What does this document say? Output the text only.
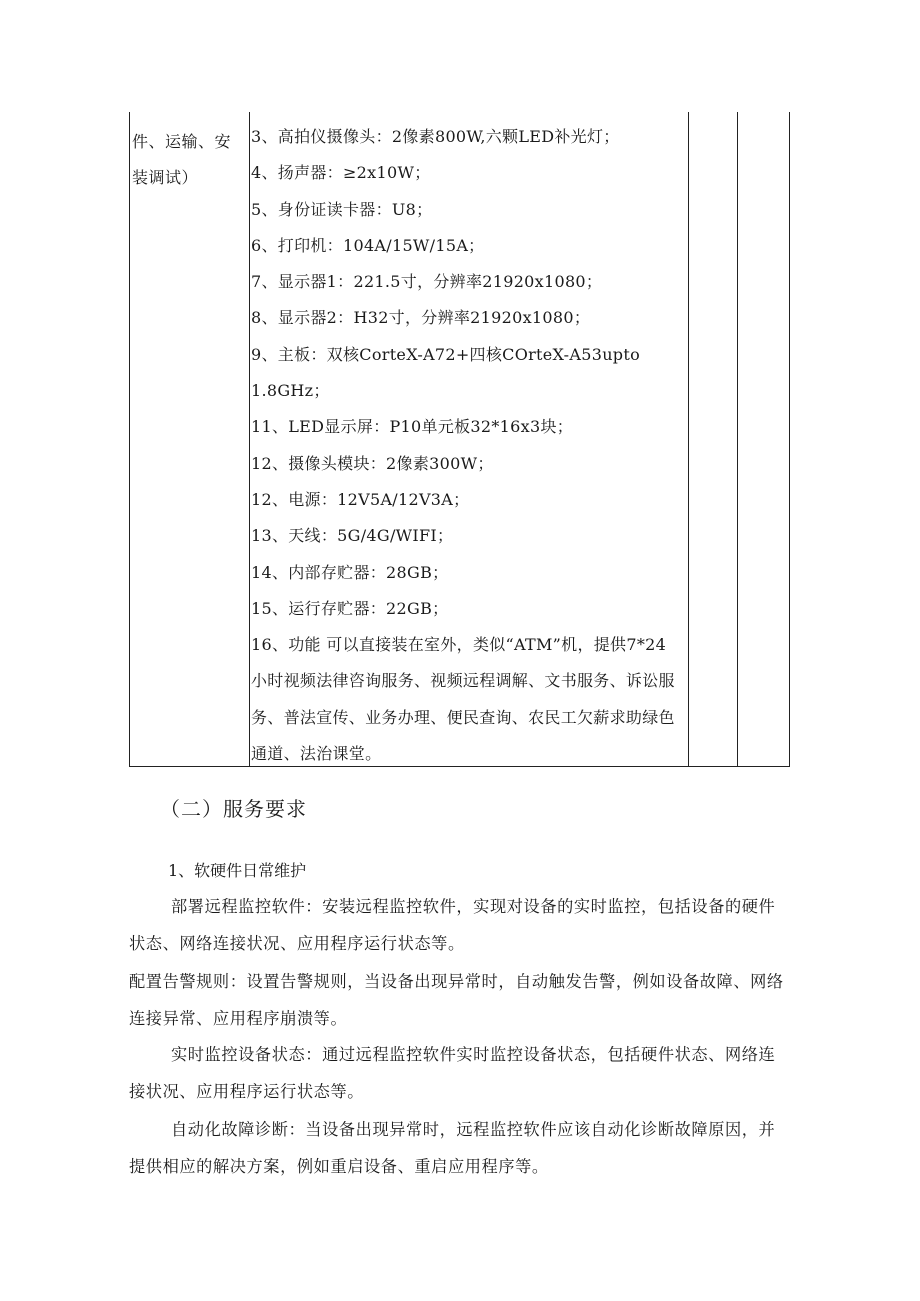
件、运输、安
装调试）
3、高拍仪摄像头：2像素800W,六颗LED补光灯；
4、扬声器：≥2x10W；
5、身份证读卡器：U8；
6、打印机：104A/15W/15A；
7、显示器1：221.5寸，分辨率21920x1080；
8、显示器2：H32寸，分辨率21920x1080；
9、主板：双核CorteX-A72+四核COrteX-A53upto
1.8GHz；
11、LED显示屏：P10单元板32*16x3块；
12、摄像头模块：2像素300W；
12、电源：12V5A/12V3A；
13、天线：5G/4G/WIFI；
14、内部存贮器：28GB；
15、运行存贮器：22GB；
16、功能 可以直接装在室外，类似“ATM”机，提供7*24
小时视频法律咨询服务、视频远程调解、文书服务、诉讼服
务、普法宣传、业务办理、便民查询、农民工欠薪求助绿色
通道、法治课堂。
（二）服务要求
1、软硬件日常维护
部署远程监控软件：安装远程监控软件，实现对设备的实时监控，包括设备的硬件
状态、网络连接状况、应用程序运行状态等。
配置告警规则：设置告警规则，当设备出现异常时，自动触发告警，例如设备故障、网络
连接异常、应用程序崩溃等。
实时监控设备状态：通过远程监控软件实时监控设备状态，包括硬件状态、网络连
接状况、应用程序运行状态等。
自动化故障诊断：当设备出现异常时，远程监控软件应该自动化诊断故障原因，并
提供相应的解决方案，例如重启设备、重启应用程序等。
